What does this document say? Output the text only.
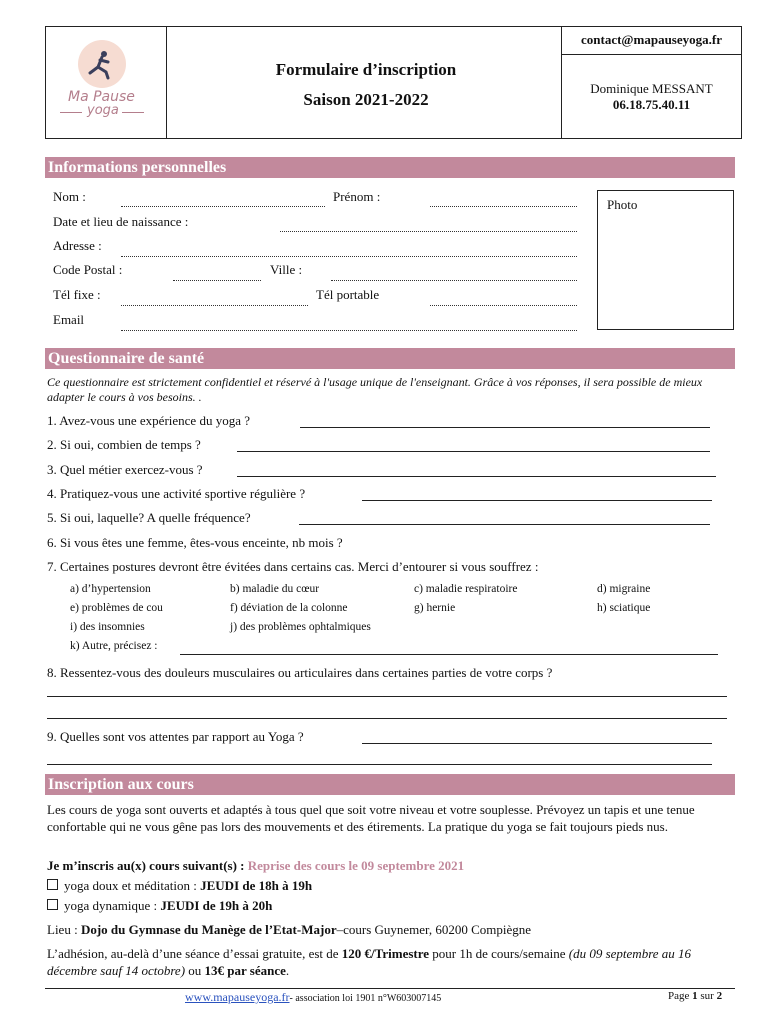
Ma Pause
yoga
Formulaire d’inscription
Saison 2021-2022
contact@mapauseyoga.fr
Dominique MESSANT
06.18.75.40.11
Informations personnelles
Nom :	Prénom :
Date et lieu de naissance :
Adresse :
Code Postal :	Ville :
Tél fixe :	Tél portable
Email
Photo
Questionnaire de santé
Ce questionnaire est strictement confidentiel et réservé à l'usage unique de l'enseignant. Grâce à vos réponses, il sera possible de mieux adapter le cours à vos besoins. .
1. Avez-vous une expérience du yoga ?
2. Si oui, combien de temps ?
3. Quel métier exercez-vous ?
4. Pratiquez-vous une activité sportive régulière ?
5. Si oui, laquelle? A quelle fréquence?
6. Si vous êtes une femme, êtes-vous enceinte, nb mois ?
7. Certaines postures devront être évitées dans certains cas. Merci d’entourer si vous souffrez :
a) d’hypertension	b) maladie du cœur	c) maladie respiratoire	d) migraine
e) problèmes de cou	f) déviation de la colonne	g) hernie	h) sciatique
i) des insomnies	j) des problèmes ophtalmiques
k) Autre, précisez :
8. Ressentez-vous des douleurs musculaires ou articulaires dans certaines parties de votre corps ?
9. Quelles sont vos attentes par rapport au Yoga ?
Inscription aux cours
Les cours de yoga sont ouverts et adaptés à tous quel que soit votre niveau et votre souplesse. Prévoyez un tapis et une tenue confortable qui ne vous gêne pas lors des mouvements et des étirements. La pratique du yoga se fait toujours pieds nus.
Je m’inscris au(x) cours suivant(s) : Reprise des cours le 09 septembre 2021
yoga doux et méditation : JEUDI de 18h à 19h
yoga dynamique : JEUDI de 19h à 20h
Lieu : Dojo du Gymnase du Manège de l’Etat-Major–cours Guynemer, 60200 Compiègne
L’adhésion, au-delà d’une séance d’essai gratuite, est de 120 €/Trimestre pour 1h de cours/semaine (du 09 septembre au 16 décembre sauf 14 octobre) ou 13€ par séance.
www.mapauseyoga.fr- association loi 1901 n°W603007145	Page 1 sur 2
